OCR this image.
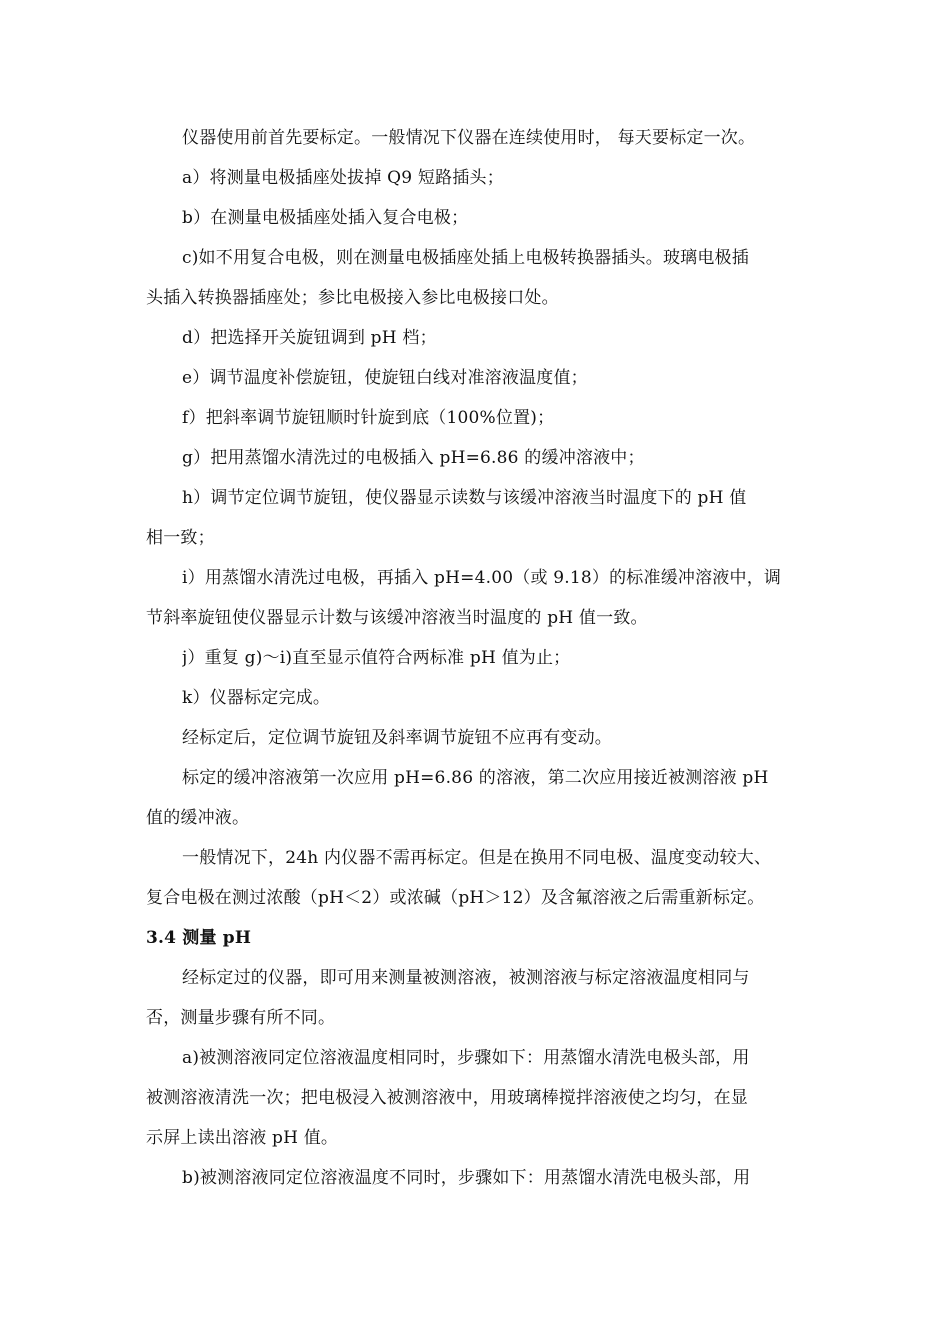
仪器使用前首先要标定。一般情况下仪器在连续使用时， 每天要标定一次。
a）将测量电极插座处拔掉 Q9 短路插头；
b）在测量电极插座处插入复合电极；
c)如不用复合电极，则在测量电极插座处插上电极转换器插头。玻璃电极插
头插入转换器插座处；参比电极接入参比电极接口处。
d）把选择开关旋钮调到 pH 档；
e）调节温度补偿旋钮，使旋钮白线对准溶液温度值；
f）把斜率调节旋钮顺时针旋到底（100%位置)；
g）把用蒸馏水清洗过的电极插入 pH=6.86 的缓冲溶液中；
h）调节定位调节旋钮，使仪器显示读数与该缓冲溶液当时温度下的 pH 值
相一致；
i）用蒸馏水清洗过电极，再插入 pH=4.00（或 9.18）的标准缓冲溶液中，调
节斜率旋钮使仪器显示计数与该缓冲溶液当时温度的 pH 值一致。
j）重复 g)～i)直至显示值符合两标准 pH 值为止；
k）仪器标定完成。
经标定后，定位调节旋钮及斜率调节旋钮不应再有变动。
标定的缓冲溶液第一次应用 pH=6.86 的溶液，第二次应用接近被测溶液 pH
值的缓冲液。
一般情况下，24h 内仪器不需再标定。但是在换用不同电极、温度变动较大、
复合电极在测过浓酸（pH＜2）或浓碱（pH＞12）及含氟溶液之后需重新标定。
3.4 测量 pH
经标定过的仪器，即可用来测量被测溶液，被测溶液与标定溶液温度相同与
否，测量步骤有所不同。
a)被测溶液同定位溶液温度相同时，步骤如下：用蒸馏水清洗电极头部，用
被测溶液清洗一次；把电极浸入被测溶液中，用玻璃棒搅拌溶液使之均匀，在显
示屏上读出溶液 pH 值。
b)被测溶液同定位溶液温度不同时，步骤如下：用蒸馏水清洗电极头部，用
